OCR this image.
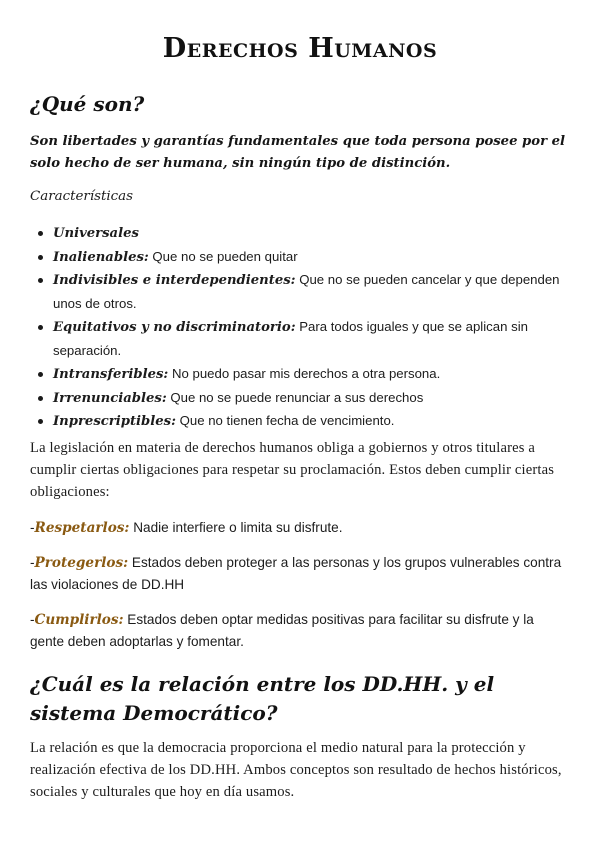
Derechos Humanos
¿Qué son?

Son libertades y garantías fundamentales que toda persona posee por el solo hecho de ser humana, sin ningún tipo de distinción.

Características

Universales
Inalienables: Que no se pueden quitar
Indivisibles e interdependientes: Que no se pueden cancelar y que dependen unos de otros.
Equitativos y no discriminatorio: Para todos iguales y que se aplican sin separación.
Intransferibles: No puedo pasar mis derechos a otra persona.
Irrenunciables: Que no se puede renunciar a sus derechos
Inprescriptibles: Que no tienen fecha de vencimiento.

La legislación en materia de derechos humanos obliga a gobiernos y otros titulares a cumplir ciertas obligaciones para respetar su proclamación. Estos deben cumplir ciertas obligaciones:

-Respetarlos: Nadie interfiere o limita su disfrute.

-Protegerlos: Estados deben proteger a las personas y los grupos vulnerables contra las violaciones de DD.HH

-Cumplirlos: Estados deben optar medidas positivas para facilitar su disfrute y la gente deben adoptarlas y fomentar.

¿Cuál es la relación entre los DD.HH. y el sistema Democrático?

La relación es que la democracia proporciona el medio natural para la protección y realización efectiva de los DD.HH. Ambos conceptos son resultado de hechos históricos, sociales y culturales que hoy en día usamos.
